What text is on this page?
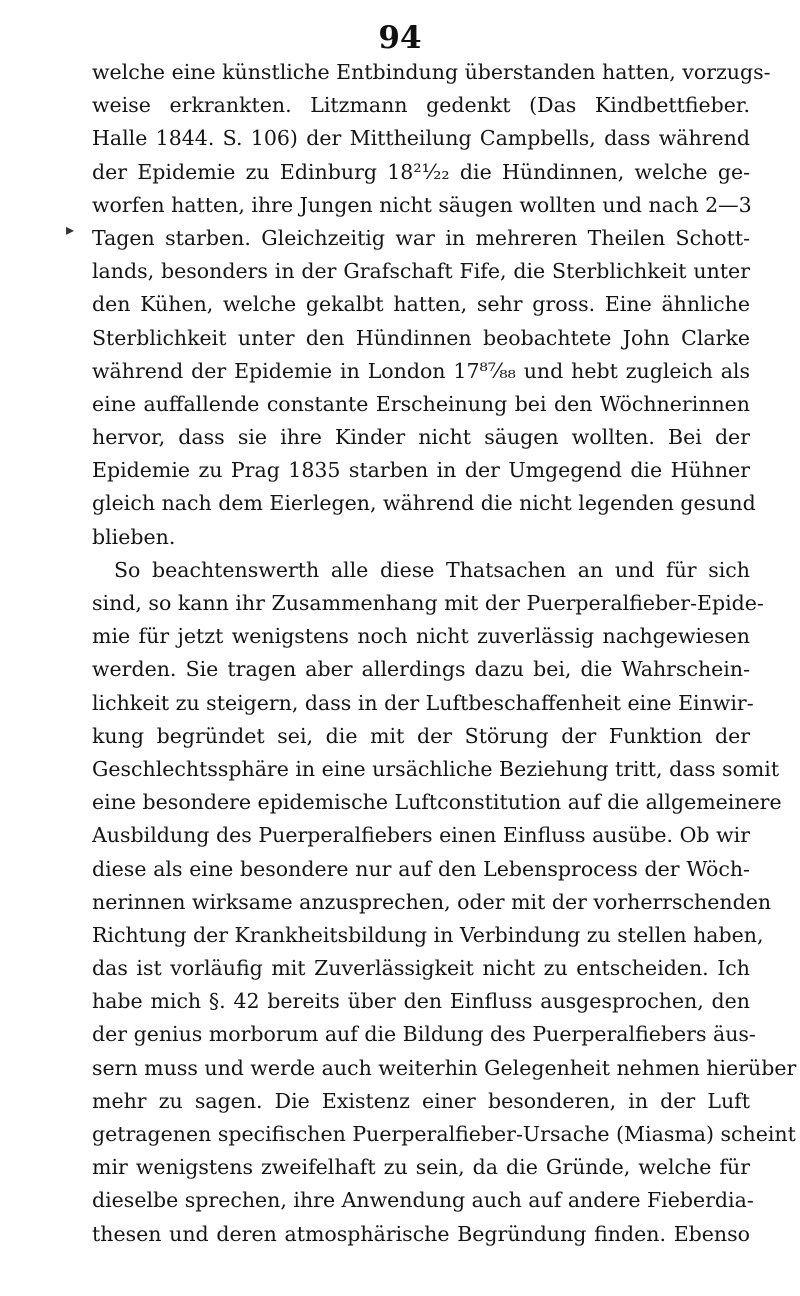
94
▸
welche eine künstliche Entbindung überstanden hatten, vorzugs-
weise erkrankten. Litzmann gedenkt (Das Kindbettfieber.
Halle 1844. S. 106) der Mittheilung Campbells, dass während
der Epidemie zu Edinburg 18²¹⁄₂₂ die Hündinnen, welche ge-
worfen hatten, ihre Jungen nicht säugen wollten und nach 2—3
Tagen starben. Gleichzeitig war in mehreren Theilen Schott-
lands, besonders in der Grafschaft Fife, die Sterblichkeit unter
den Kühen, welche gekalbt hatten, sehr gross. Eine ähnliche
Sterblichkeit unter den Hündinnen beobachtete John Clarke
während der Epidemie in London 17⁸⁷⁄₈₈ und hebt zugleich als
eine auffallende constante Erscheinung bei den Wöchnerinnen
hervor, dass sie ihre Kinder nicht säugen wollten. Bei der
Epidemie zu Prag 1835 starben in der Umgegend die Hühner
gleich nach dem Eierlegen, während die nicht legenden gesund
blieben.
So beachtenswerth alle diese Thatsachen an und für sich
sind, so kann ihr Zusammenhang mit der Puerperalfieber-Epide-
mie für jetzt wenigstens noch nicht zuverlässig nachgewiesen
werden. Sie tragen aber allerdings dazu bei, die Wahrschein-
lichkeit zu steigern, dass in der Luftbeschaffenheit eine Einwir-
kung begründet sei, die mit der Störung der Funktion der
Geschlechtssphäre in eine ursächliche Beziehung tritt, dass somit
eine besondere epidemische Luftconstitution auf die allgemeinere
Ausbildung des Puerperalfiebers einen Einfluss ausübe. Ob wir
diese als eine besondere nur auf den Lebensprocess der Wöch-
nerinnen wirksame anzusprechen, oder mit der vorherrschenden
Richtung der Krankheitsbildung in Verbindung zu stellen haben,
das ist vorläufig mit Zuverlässigkeit nicht zu entscheiden. Ich
habe mich §. 42 bereits über den Einfluss ausgesprochen, den
der genius morborum auf die Bildung des Puerperalfiebers äus-
sern muss und werde auch weiterhin Gelegenheit nehmen hierüber
mehr zu sagen. Die Existenz einer besonderen, in der Luft
getragenen specifischen Puerperalfieber-Ursache (Miasma) scheint
mir wenigstens zweifelhaft zu sein, da die Gründe, welche für
dieselbe sprechen, ihre Anwendung auch auf andere Fieberdia-
thesen und deren atmosphärische Begründung finden. Ebenso
